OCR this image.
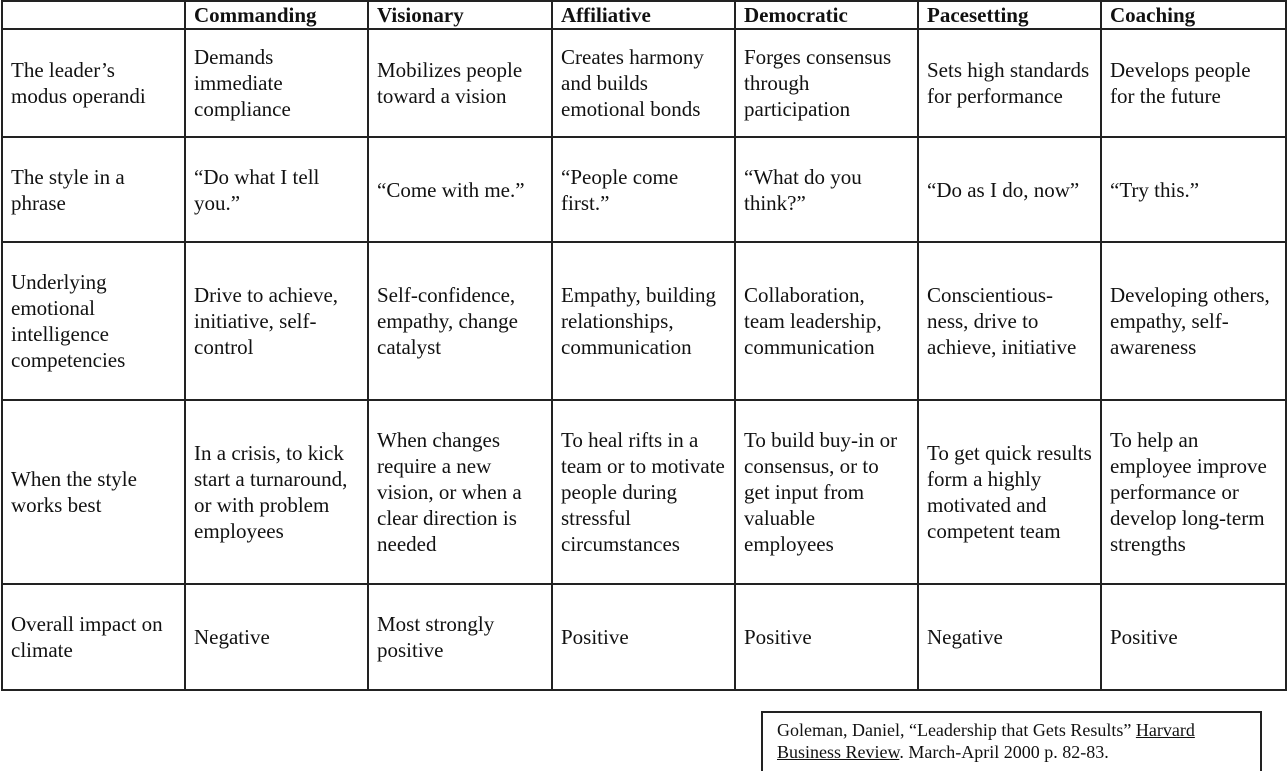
	Commanding	Visionary	Affiliative	Democratic	Pacesetting	Coaching
The leader’s modus operandi	Demands immediate compliance	Mobilizes people toward a vision	Creates harmony and builds emotional bonds	Forges consensus through participation	Sets high standards for performance	Develops people for the future
The style in a phrase	“Do what I tell you.”	“Come with me.”	“People come first.”	“What do you think?”	“Do as I do, now”	“Try this.”
Underlying emotional intelligence competencies	Drive to achieve, initiative, self-control	Self-confidence, empathy, change catalyst	Empathy, building relationships, communication	Collaboration, team leadership, communication	Conscientious-ness, drive to achieve, initiative	Developing others, empathy, self-awareness
When the style works best	In a crisis, to kick start a turnaround, or with problem employees	When changes require a new vision, or when a clear direction is needed	To heal rifts in a team or to motivate people during stressful circumstances	To build buy-in or consensus, or to get input from valuable employees	To get quick results form a highly motivated and competent team	To help an employee improve performance or develop long-term strengths
Overall impact on climate	Negative	Most strongly positive	Positive	Positive	Negative	Positive
Goleman, Daniel, “Leadership that Gets Results” Harvard Business Review. March-April 2000 p. 82-83.
